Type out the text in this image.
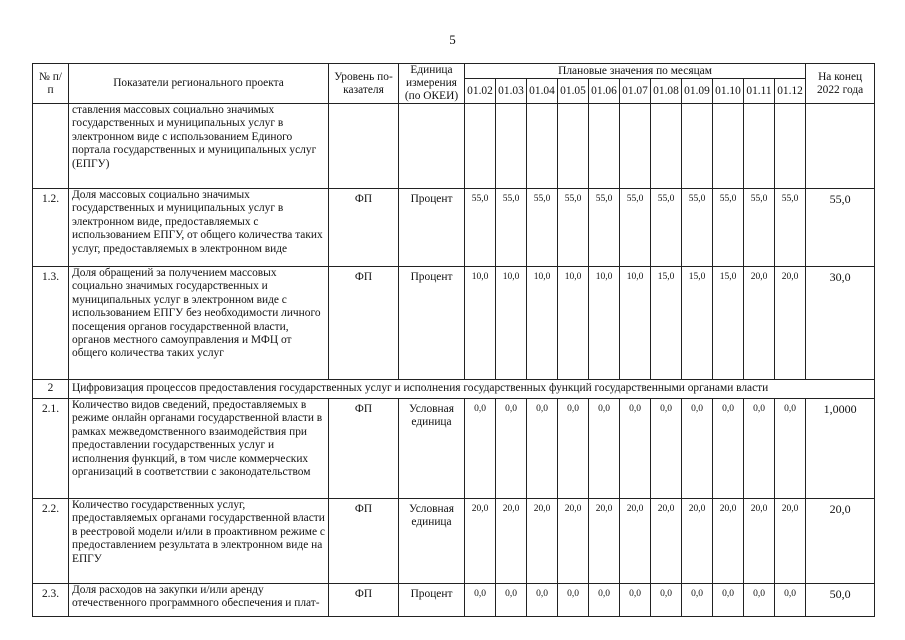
5
№ п/п	Показатели регионального проекта	Уровень по-казателя	Единица измерения (по ОКЕИ)	Плановые значения по месяцам											На конец 2022 года
				01.02	01.03	01.04	01.05	01.06	01.07	01.08	01.09	01.10	01.11	01.12	
	ставления массовых социально значимых государственных и муниципальных услуг в электронном виде с использованием Единого портала государственных и муниципальных услуг (ЕПГУ)														
1.2.	Доля массовых социально значимых государственных и муниципальных услуг в электронном виде, предоставляемых с использованием ЕПГУ, от общего количества таких услуг, предоставляемых в электронном виде	ФП	Процент	55,0	55,0	55,0	55,0	55,0	55,0	55,0	55,0	55,0	55,0	55,0	55,0
1.3.	Доля обращений за получением массовых социально значимых государственных и муниципальных услуг в электронном виде с использованием ЕПГУ без необходимости личного посещения органов государственной власти, органов местного самоуправления и МФЦ от общего количества таких услуг	ФП	Процент	10,0	10,0	10,0	10,0	10,0	10,0	15,0	15,0	15,0	20,0	20,0	30,0
2	Цифровизация процессов предоставления государственных услуг и исполнения государственных функций государственными органами власти														
2.1.	Количество видов сведений, предоставляемых в режиме онлайн органами государственной власти в рамках межведомственного взаимодействия при предоставлении государственных услуг и исполнения функций, в том числе коммерческих организаций в соответствии с законодательством	ФП	Условная единица	0,0	0,0	0,0	0,0	0,0	0,0	0,0	0,0	0,0	0,0	0,0	1,0000
2.2.	Количество государственных услуг, предоставляемых органами государственной власти в реестровой модели и/или в проактивном режиме с предоставлением результата в электронном виде на ЕПГУ	ФП	Условная единица	20,0	20,0	20,0	20,0	20,0	20,0	20,0	20,0	20,0	20,0	20,0	20,0
2.3.	Доля расходов на закупки и/или аренду отечественного программного обеспечения и плат-	ФП	Процент	0,0	0,0	0,0	0,0	0,0	0,0	0,0	0,0	0,0	0,0	0,0	50,0
